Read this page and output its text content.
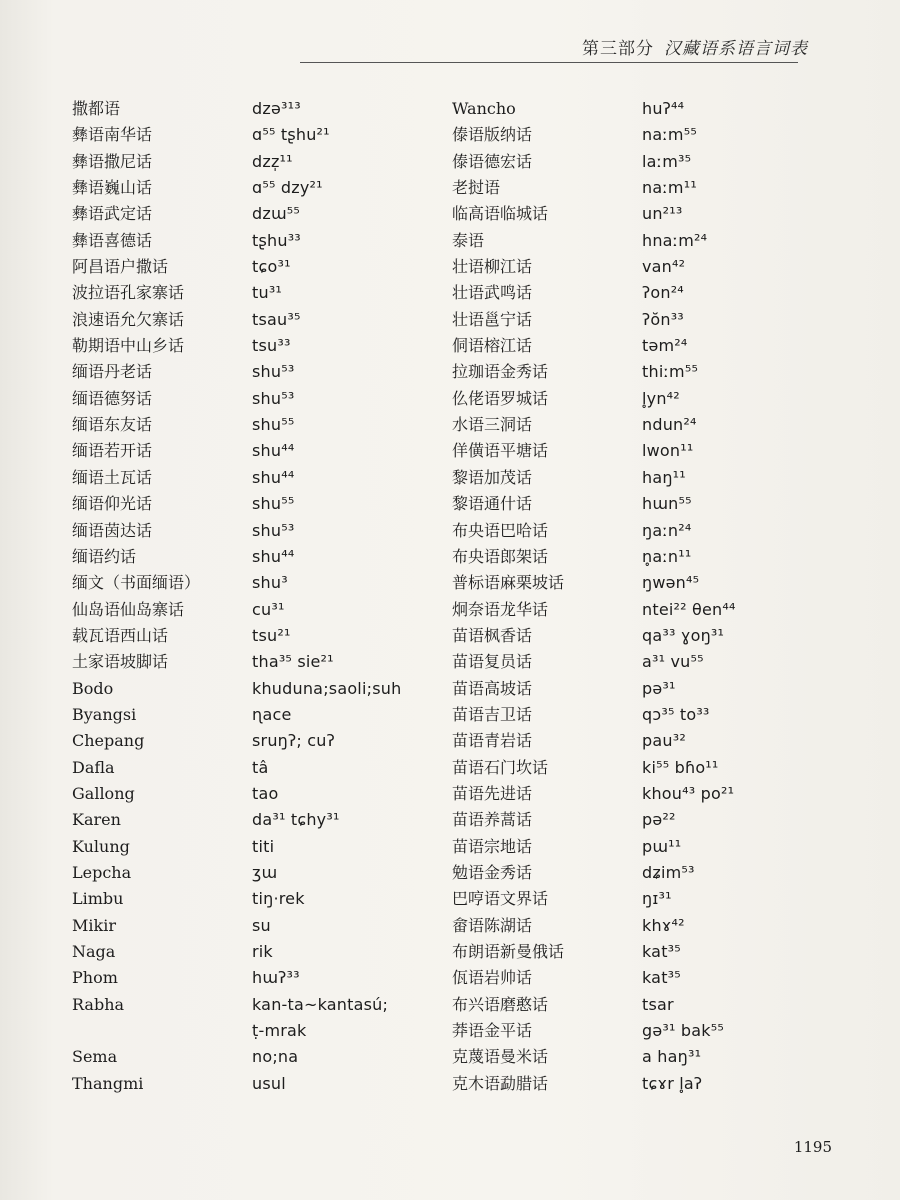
第三部分 汉藏语系语言词表
撒都语	dzə³¹³
彝语南华话	ɑ⁵⁵ tʂhu²¹
彝语撒尼话	dzz̩¹¹
彝语巍山话	ɑ⁵⁵ dzy²¹
彝语武定话	dzɯ⁵⁵
彝语喜德话	tʂhu³³
阿昌语户撒话	tɕo³¹
波拉语孔家寨话	tu³¹
浪速语允欠寨话	tsau³⁵
勒期语中山乡话	tsu³³
缅语丹老话	shu⁵³
缅语德努话	shu⁵³
缅语东友话	shu⁵⁵
缅语若开话	shu⁴⁴
缅语土瓦话	shu⁴⁴
缅语仰光话	shu⁵⁵
缅语茵达话	shu⁵³
缅语约话	shu⁴⁴
缅文（书面缅语）	shu³
仙岛语仙岛寨话	cu³¹
载瓦语西山话	tsu²¹
土家语坡脚话	tha³⁵ sie²¹
Bodo	khuduna;saoli;suh
Byangsi	ɳace
Chepang	sruŋʔ; cuʔ
Dafla	tâ
Gallong	tao
Karen	da³¹ tɕhy³¹
Kulung	titi
Lepcha	ʒɯ
Limbu	tiŋ·rek
Mikir	su
Naga	rik
Phom	hɯʔ³³
Rabha	kan-ta~kantasú;
ṭ-mrak
Sema	no;na
Thangmi	usul
Wancho	huʔ⁴⁴
傣语版纳话	naːm⁵⁵
傣语德宏话	laːm³⁵
老挝语	naːm¹¹
临高语临城话	un²¹³
泰语	hnaːm²⁴
壮语柳江话	van⁴²
壮语武鸣话	ʔon²⁴
壮语邕宁话	ʔŏn³³
侗语榕江话	təm²⁴
拉珈语金秀话	thiːm⁵⁵
仫佬语罗城话	l̥yn⁴²
水语三洞话	ndun²⁴
佯僙语平塘话	lwon¹¹
黎语加茂话	haŋ¹¹
黎语通什话	hɯn⁵⁵
布央语巴哈话	ŋaːn²⁴
布央语郎架话	n̥aːn¹¹
普标语麻栗坡话	ŋwən⁴⁵
炯奈语龙华话	ntei²² θen⁴⁴
苗语枫香话	qa³³ ɣoŋ³¹
苗语复员话	a³¹ vu⁵⁵
苗语高坡话	pə³¹
苗语吉卫话	qɔ³⁵ to³³
苗语青岩话	pau³²
苗语石门坎话	ki⁵⁵ bɦo¹¹
苗语先进话	khou⁴³ po²¹
苗语养蒿话	pə²²
苗语宗地话	pɯ¹¹
勉语金秀话	dʑim⁵³
巴哼语文界话	ŋɪ³¹
畲语陈湖话	khɤ⁴²
布朗语新曼俄话	kat³⁵
佤语岩帅话	kat³⁵
布兴语磨憨话	tsar
莽语金平话	gə³¹ bak⁵⁵
克蔑语曼米话	a haŋ³¹
克木语勐腊话	tɕɤr l̥aʔ
1195
